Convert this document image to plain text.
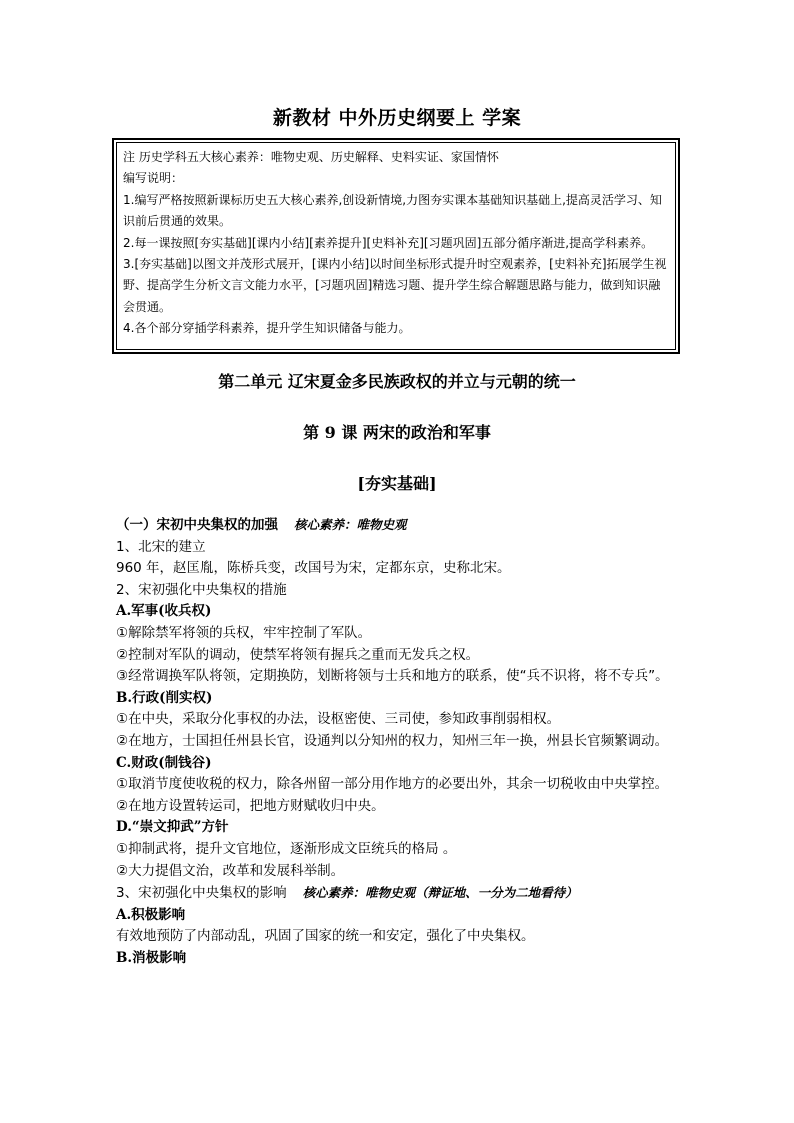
新教材 中外历史纲要上 学案

注 历史学科五大核心素养：唯物史观、历史解释、史料实证、家国情怀

编写说明：

1.编写严格按照新课标历史五大核心素养,创设新情境,力图夯实课本基础知识基础上,提高灵活学习、知识前后贯通的效果。

2.每一课按照[夯实基础][课内小结][素养提升][史料补充][习题巩固]五部分循序渐进,提高学科素养。

3.[夯实基础]以图文并茂形式展开，[课内小结]以时间坐标形式提升时空观素养，[史料补充]拓展学生视野、提高学生分析文言文能力水平，[习题巩固]精选习题、提升学生综合解题思路与能力，做到知识融会贯通。

4.各个部分穿插学科素养，提升学生知识储备与能力。

第二单元 辽宋夏金多民族政权的并立与元朝的统一
第 9 课 两宋的政治和军事
[夯实基础]

（一）宋初中央集权的加强 核心素养：唯物史观

1、北宋的建立

960 年，赵匡胤，陈桥兵变，改国号为宋，定都东京，史称北宋。

2、宋初强化中央集权的措施

A.军事(收兵权)

①解除禁军将领的兵权，牢牢控制了军队。

②控制对军队的调动，使禁军将领有握兵之重而无发兵之权。

③经常调换军队将领，定期换防，划断将领与士兵和地方的联系，使“兵不识将，将不专兵”。

B.行政(削实权)

①在中央，采取分化事权的办法，设枢密使、三司使，参知政事削弱相权。

②在地方，士国担任州县长官，设通判以分知州的权力，知州三年一换，州县长官频繁调动。

C.财政(制钱谷)

①取消节度使收税的权力，除各州留一部分用作地方的必要出外，其余一切税收由中央掌控。

②在地方设置转运司，把地方财赋收归中央。

D.“崇文抑武”方针

①抑制武将，提升文官地位，逐渐形成文臣统兵的格局 。

②大力提倡文治，改革和发展科举制。

3、宋初强化中央集权的影响 核心素养：唯物史观（辩证地、一分为二地看待）

A.积极影响

有效地预防了内部动乱，巩固了国家的统一和安定，强化了中央集权。

B.消极影响
